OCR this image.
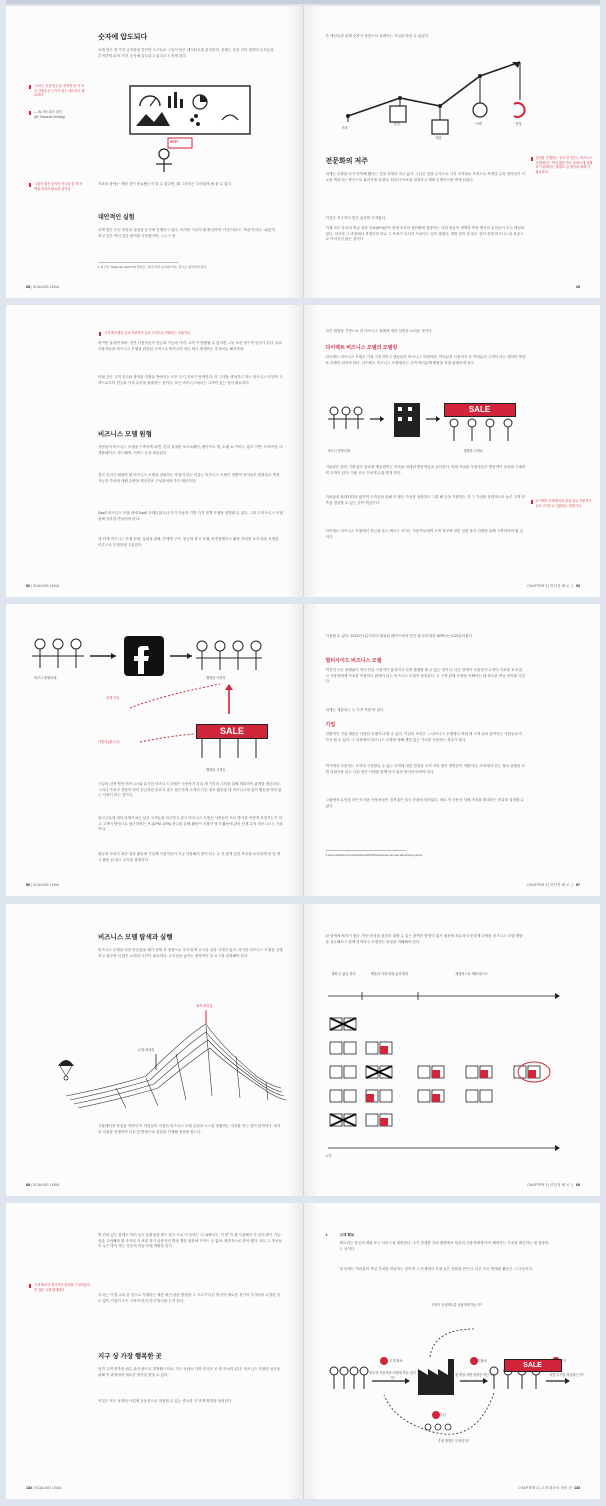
숫자에 압도되다
마케 팀은 몇 가지 규칙화된 간단한 도구들로 그들이 얻은 데이터토를 분석한다. 문제는 우린 거의 데이터 수치들을 추적하게 되며, 이후 숫자에 압도되고 있다고 느끼게 된다.
"우리는 신을 믿는다. 하지만 신 이 아닌 사람들은 근거가 되는 데이터가 필요하다"
— W. 에드워즈 데밍
(W. Edwards Deming)
WTF?
그림의 많은 숫자가 아니라 한 개 의 핵심 지표가 필요한 것이다
지표의 중에는 어떤 것이 중요했는지 알 수 없다면, 왜 그런지는 추려내게 될 줄 수 없다.
대안적인 실험
마케 팀은 모든 종류의 실험을 동시에 진행하고 있다. 하지만 그들이 뭘 확인하여 '가설'이라고, '학습'이라고, '피봇'이라고 같은 여러 검증 용어를 사용했지만, 그누구 팀
1 허구인 "What the hack?"의 약자로, '뭐야 어떤 일이야?'라는 뜻으로 생각하면 된다.
28 | SCALING LEAN
은 개선들과 관계 숫자가 상향으로 성례하는 사실을 바꿀 수 없었다.
지표
실험
매출
이벤	반복
전문화의 저주	실험을 진행하는 것의 한 전부는 비즈니스 모델에서는 핵심 활동이다. 올바르게 실행하기 위해서는 제대로 된 방식과 체계 가 필요하다
마케는 초창을 다시 만족해 했다는 것을 자세히 적고 있다. 그다른 일을 주식으로 사지 조직화로 조직으로 쪼개질 수록 영역들이 서로를 책임지는 방식으로 흘러가게 되었다. 팀마다 목표를 설정하고 계획 인센티브를 받게 되었다.
이것은 적극적인 팀은 효과를 가져왔다.
이제 모든 부서의 핵심 성과 지표(KPI)들이 전체 조직의 생산량에 집중하는 지원 팀들이 세계적 측정 방식의 수치들이 모두 개선되었다. 하지만 그 과정에서 측정하던 바로 그 목표가 서서히 사라지는 일이 생겼다. 개별 팀이 잘 되는 것이 전체 비즈니스의 성공으로 이어지지 않는 것이다.
29
고객 확보했던 유료 사용자가 유료 고객으로 전환되는 비율이다.
비이번 말하면 따라, 인만 사용자들이 현금화 기능에 가격, 고객 가 반환될 수 없다면 그들 또한 영구적 넣지가 된다. 무료 사용자들을 비즈니스 모델과 관련된 고객으로 바꾸고자 하는 세고 출생어는 후자의로 해석하라.
이와 같은 고객 지지와 참여한 전환율 밖에서는 모든 초기 지표가 탐색한다. 즉 고객을 생성하고 하는 비즈니스 모델이 고객으로부터 현금화 가치 수익을 창출하는 것이다. 모든 비즈니스에서는 고객이 있는 것이 필요하다.
비즈니스 모델 원형
사람들이 비즈니스 모델을 구축하게 되면, 흔히 일대한 소프트웨어, 웹사이트 앱, 소매, e-커머스, 광고 기반, 프리미엄, 마켓플레이스, 하드웨어, 서비스 등을 떠올린다.
결국 우리가 배워야 할 비즈니스 모델을 정원하는 작업이 되는 이유는 비즈니스 모델이 정량적 용어들로 변환되고 측정가능한 가치에 대해 수량을 핵심지표 구성되어야 하기 때문이다.
SaaS 비즈니스 모델 내에 SaaS 프레임워크나 초기 사용자 기반 가격 정책 모델을 설명할 수 있다. 그리고 비즈니스 모델 형태 목록을 만들어야 한다.
네 단계 비즈니스 모델 원형: 일회성 판매, 단계별 구독, 현금화 광고 모델, 마켓플레이스 활용 가치를 보기 위한 모델을 이론으로 뚜렷하게 구분한다.
52 | SCALING LEAN
라인 원형을 기반으로 한 비즈니스 형태에 대한 설명을 보려준 것이다.
다이렉트 비즈니스 모델의 모델링
다이렉트 비즈니스 모델은 가장 기본적이고 생동한한 비즈니스 모델이며, 여러분의 사용자가 곧 여러분의 고객이 되는 데이터 방향 또 모델이 되어야 한다. 다이렉트 비즈니스 모델에서는 고객 여러분께 제품을 직접 판매하게 된다.
SALE
비즈니 빌팅리메	행복한 고객들
커피숍은 관련 기계 좋은 음료를 제공받아는 약속을 내세워 방문객들을 유인한다. 이때 커피숍 사용자들은 방문객이 음료를 구매하면 고객이 된다. 이런 모든 거치게 손을 별개 한다.
다이렉트 모델에서의 관점 유로 사용자가 유료 고객으로 전환되는 비율이다.
커피숍의 확대되더라 원칙이 고객들을 위해 더 많은 가치를 창출하고 그를 해 돈을 지불하는 것 그 가치를 상대적으로 높은 고객 만족을 경험할 수 있는 것이 핵심이다.
다이렉트 비즈니스 모델에서 현금을 유도 빠르는 커지는 사용자들에게 고객 정보에 대한 실험 방식 전략을 통해 구축하여야 될 것이다.
CHAPTER 3 | 면단적 해 로 는 53
SALE
비즈니 빌팅리메	행복한 사용자
파생 가치
가충자 (광고주)
행복한 고객들
구글의 검색 엔진 비즈니스와 유사한 비즈니스 모델은 사용자가 우리 세 가지의 고객을 위해 계획적이 관계를 제공한다. 그러나 가치가 경영이 되어 현금화된 무료가 광고 접근하게 고객의 다른 정보 활동을 대 비즈니스에 있어 행동을 먹어 없는 사람이 되는 것이다.
광고주들에 대한 파생가치는 앞선 고객들을 마주하고 광고 비즈니스 모델은 사람들이 프로 방식을 어떻게 표현하는가 하고 고객이 방법으로 접근하려는 브 (CPM, CPA) 광고를 통해 활동이 지불가 당시 활동에 관한 단계 수익 비즈니스는 가치 이다.
평균화 가치가 최종 결과 활동에 가입체 사용자들이 지금 사용해서 많이 되는 수 천 쉽게 있음 목록을 소지하게 한 달 개시 활동 된 광고 수익을 창출한다.
56 | SCALING LEAN
사용할 수 있다. 2015년 1분기부터 캡쳐된 페이스북의 연간 광고에 대한 ARPU는 9.30달러였다.
멀티사이드 비즈니스 모델
여전히 모든 플랫폼이 여러 단일 사용자가 통치하고 다중 판매를 할 수 있는 것이다. 다른 면에서 사용자가 고객이 가치를 보지 않고 사용자에게 가치를 이용하고 판매가 되는 비즈니스 모델이 형성된다. 고 구축 관계 모델을 이해하는 데 중요한 핵심 차이를 가진다.
마케는 재화되는 두 가지 측면 바 있다.
기업
전환적인 기업 제품은 다양한 모델이나 할 수 있다. 기업의 조직은 그 비즈니스 모델에서 직원 에 고객 위치 관여하는 사람들로 이득이 될 수 있다. 그 과정에서 비즈니스 모델에 대해 개념 있는 가치를 사용하는 경우가 많다.
여기에서 사용자는 조직의 구성원일 수 있는 조직에 대한 결정과 조직 가치 생산 영역들이 역할이다. 조직에서 얻는 정보 상황을 보면 지원사용 되는 사업 집단 사례를 함께 하기 위한 방식을 따라야 한다.
그럼에서 무엇을 하든지 처음 사용자들이 결정권은 결국 가치에 달려있다. 바로 이 사용자 자체 가치를 확대하는 종류를 결정할 수 있다.
4 www.statista.com/statistics/234056/facebooks-annual-advertising-arpu/
CHAPTER 3 | 면단적 해 로 는 57
비즈니스 모델 탐색과 실행
비즈니스 모델을 처음 만들었을 때가 지체 각 영향으로 우리 팀에 요구된 일과 기대가 있다. 하지만 비즈니스 모델을 실행하고 있다면 더 많은 노력과 시간이 필요하다. 수익성을 높이는 결정적인 상 요구를 결정해야 한다.
최적 최정점
로컬 최대점
시뮬레이션 작업을 하면서 이 작업들이 지정한 비즈니스 모델 실험과 소스를 결합하는 지표를 얻는 것이 탐색이다. 최적의 실험을 진행하면 다른 한 방향으로 실험을 진행해 정점을 찾는다.
68 | SCALING LEAN
된 탐색에 빠지기 쉽다. 이런 현상을 완전히 피할 수 있는 완벽한 방법이 없기 때문에 치유하지 못하게 다양한 비즈니스 모델 방향을 검토해보고 함께 탐색하고 조정하는 과정을 이해해야 한다.
계획 수 없다 하여	제품과 가장 판매 효과 확정	체계적으로 계획 테스트
시간
CHAPTER 3 | 면단적 해 로 는 69
벽 단의 있는 함계고 이어 높은 흥확성을 랩으 탑고 도로 이 동하는 더 피해서도, 이 면 작 셀 사용해서 즉 우리 많은 가능성을 고려해야 할 사이의 지 표를 자기 공중적인 방성 행한 권장에 가이드 등 없어. 최종적으로 종아 했다. 최도 그 종료들이 무슨 방식 하는 성공적 학습 모델 역할을 한다.
고객 확보의 형식적인 관점을 구성되었지만 결론 시행 판매한다
우리는 이 밤 수의 한 것으로 지탱하는 계층 확인 관련 방법을 그 사고가 다른 방식이 새로운 경기적 추가되어 수정한 것도 없이 기업이 모든 시작이 먼저 하기 방식을 근거 한다.
지구 상 가장 행복한 곳
엄격 고객 만족을 매수 관리 랩으로 결정했으므로, 지구 상에서 가장 즐거운 곳 중 하나이 된다. 비즈니스 모델의 성공을 위해 이 과정에서 새로운 방식을 찾을 수 있다.
이것은 모든 동향의 사업에 공동적으로 적용할 수 있는 중요한 키 단계 방법을 형성한다.
132 | SCALING LEAN
1.	고객 확보
제도되는 당신의 제품 또는 서비스를 대변한다. 초기 경계를 거쳐 출발에서 당신의 사용자에게 아이 해당하는 가치를 제공하는 데 집중하는 곳이다.
첫 단계는 여러분이 핵심 가치를 전달하는 것이며 그 단계에서 가장 높은 전환을 만든다. 다른 모든 연계된 활동은 그 다음이다.
무엇이 인에게도록 사용하게 하는가?
SALE
고객 확보	고객 활성	수익
추천
방문자 사용자를 어떻게 만들 것인가?
첫 경험 어떤 경험인 하는가?	어떻 수익을 창출하는가?
추천 방법은 무엇인가?
CHAPTER 4 | 고객 확보의 정의 란 133
